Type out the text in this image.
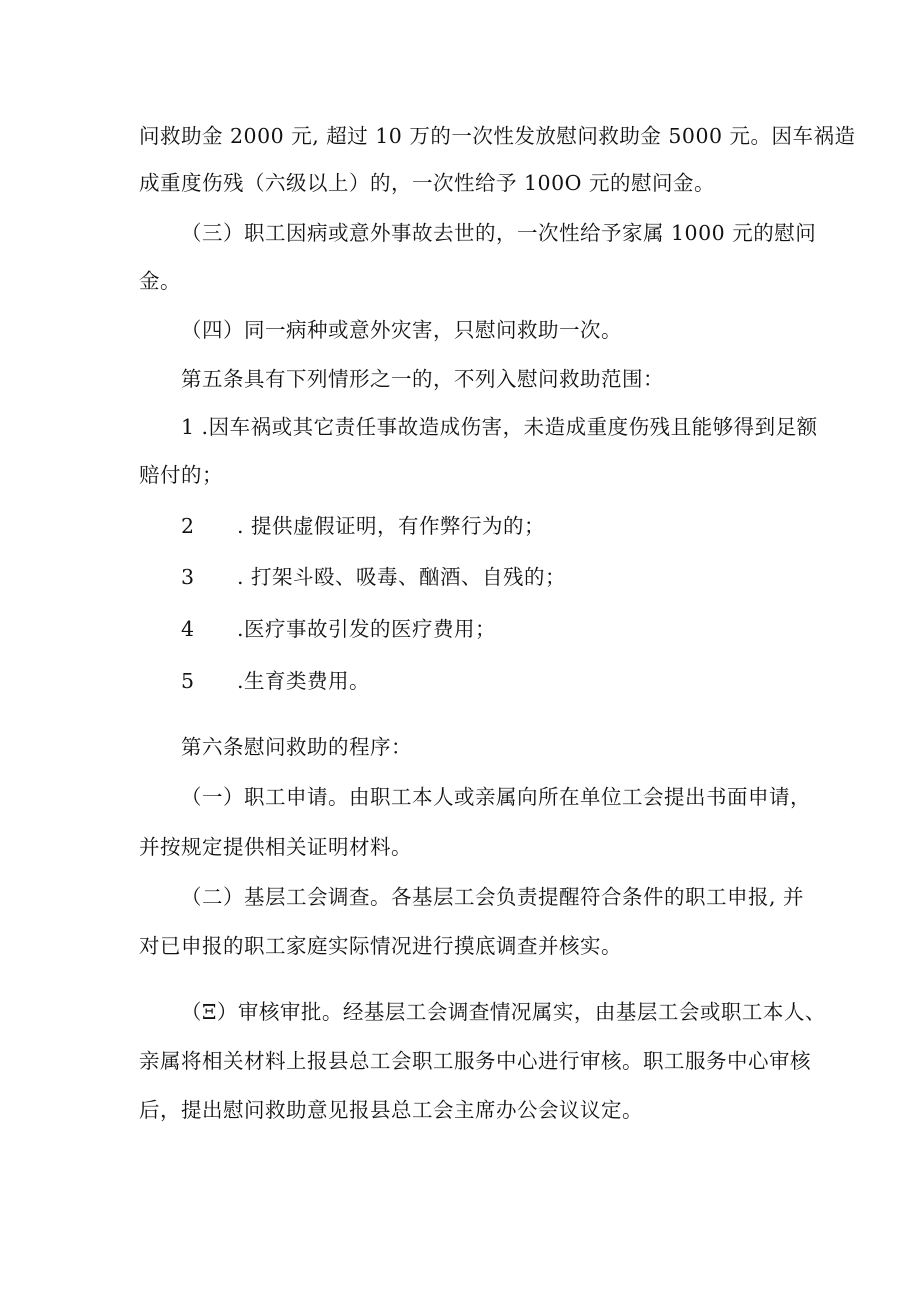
问救助金 2000 元, 超过 10 万的一次性发放慰问救助金 5000 元。因车祸造
成重度伤残（六级以上）的，一次性给予 100O 元的慰问金。
（三）职工因病或意外事故去世的，一次性给予家属 1000 元的慰问
金。
（四）同一病种或意外灾害，只慰问救助一次。
第五条具有下列情形之一的，不列入慰问救助范围：
1 .因车祸或其它责任事故造成伤害，未造成重度伤残且能够得到足额
赔付的；
2 . 提供虚假证明，有作弊行为的；
3 . 打架斗殴、吸毒、酗酒、自残的；
4 .医疗事故引发的医疗费用；
5 .生育类费用。
第六条慰问救助的程序：
（一）职工申请。由职工本人或亲属向所在单位工会提出书面申请，
并按规定提供相关证明材料。
（二）基层工会调查。各基层工会负责提醒符合条件的职工申报, 并
对已申报的职工家庭实际情况进行摸底调查并核实。
（Ξ）审核审批。经基层工会调查情况属实，由基层工会或职工本人、
亲属将相关材料上报县总工会职工服务中心进行审核。职工服务中心审核
后，提出慰问救助意见报县总工会主席办公会议议定。
